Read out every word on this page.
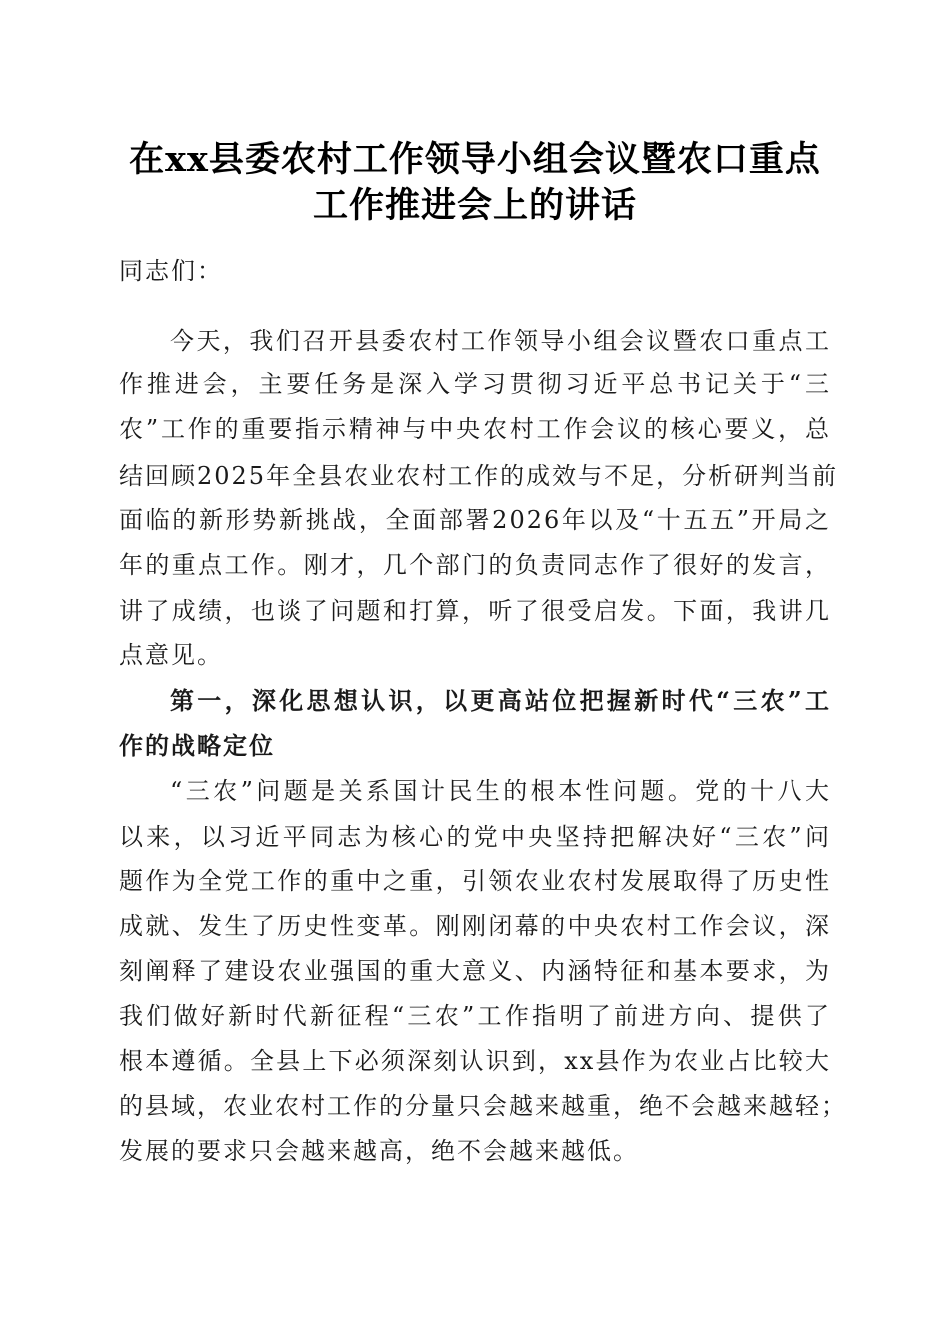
在xx县委农村工作领导小组会议暨农口重点
工作推进会上的讲话
同志们：
今天，我们召开县委农村工作领导小组会议暨农口重点工
作推进会，主要任务是深入学习贯彻习近平总书记关于“三
农”工作的重要指示精神与中央农村工作会议的核心要义，总
结回顾2025年全县农业农村工作的成效与不足，分析研判当前
面临的新形势新挑战，全面部署2026年以及“十五五”开局之
年的重点工作。刚才，几个部门的负责同志作了很好的发言，
讲了成绩，也谈了问题和打算，听了很受启发。下面，我讲几
点意见。
第一，深化思想认识，以更高站位把握新时代“三农”工
作的战略定位
“三农”问题是关系国计民生的根本性问题。党的十八大
以来，以习近平同志为核心的党中央坚持把解决好“三农”问
题作为全党工作的重中之重，引领农业农村发展取得了历史性
成就、发生了历史性变革。刚刚闭幕的中央农村工作会议，深
刻阐释了建设农业强国的重大意义、内涵特征和基本要求，为
我们做好新时代新征程“三农”工作指明了前进方向、提供了
根本遵循。全县上下必须深刻认识到，xx县作为农业占比较大
的县域，农业农村工作的分量只会越来越重，绝不会越来越轻；
发展的要求只会越来越高，绝不会越来越低。
